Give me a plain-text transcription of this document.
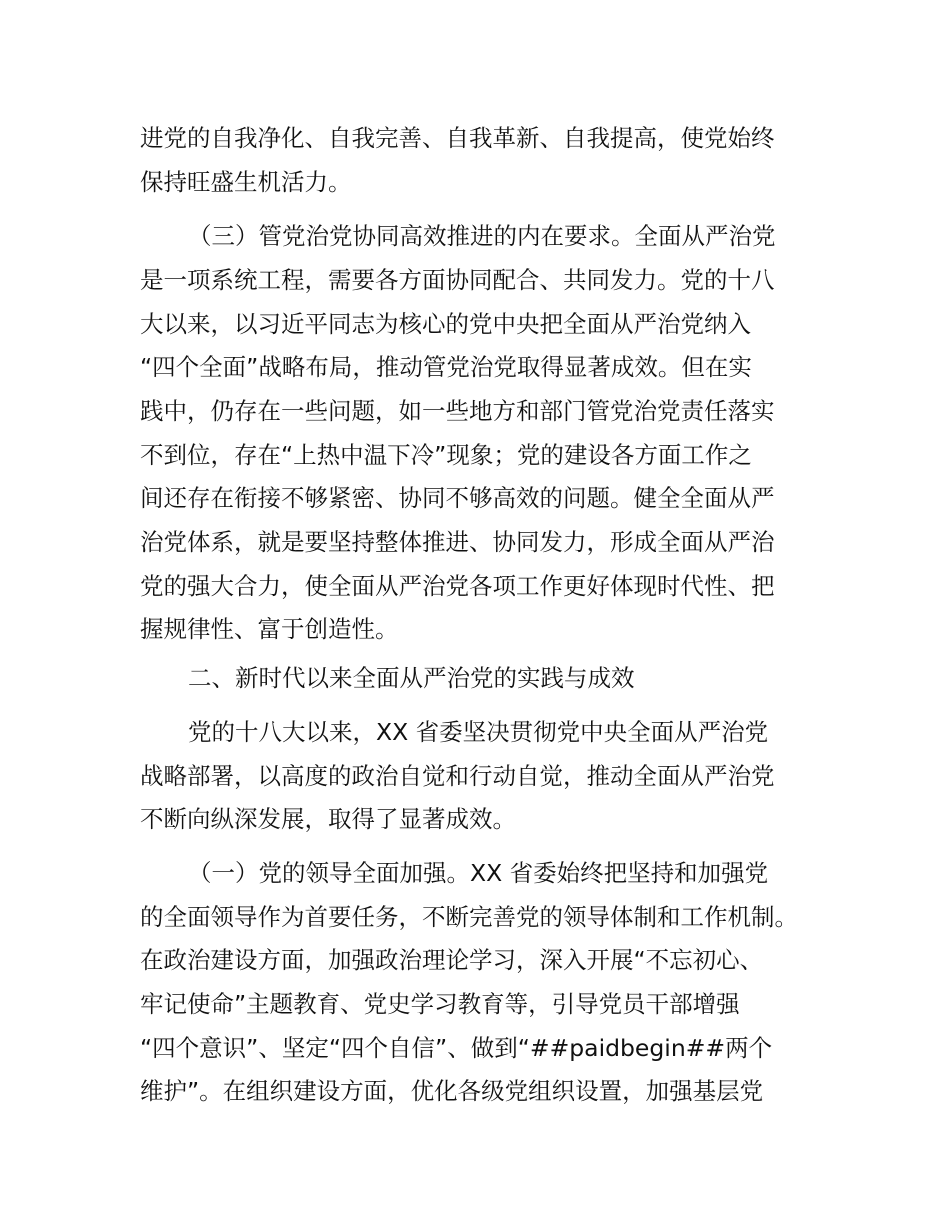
进党的自我净化、自我完善、自我革新、自我提高，使党始终

保持旺盛生机活力。

（三）管党治党协同高效推进的内在要求。全面从严治党

是一项系统工程，需要各方面协同配合、共同发力。党的十八

大以来，以习近平同志为核心的党中央把全面从严治党纳入

“四个全面”战略布局，推动管党治党取得显著成效。但在实

践中，仍存在一些问题，如一些地方和部门管党治党责任落实

不到位，存在“上热中温下冷”现象；党的建设各方面工作之

间还存在衔接不够紧密、协同不够高效的问题。健全全面从严

治党体系，就是要坚持整体推进、协同发力，形成全面从严治

党的强大合力，使全面从严治党各项工作更好体现时代性、把

握规律性、富于创造性。

二、新时代以来全面从严治党的实践与成效

党的十八大以来，XX 省委坚决贯彻党中央全面从严治党

战略部署，以高度的政治自觉和行动自觉，推动全面从严治党

不断向纵深发展，取得了显著成效。

（一）党的领导全面加强。XX 省委始终把坚持和加强党

的全面领导作为首要任务，不断完善党的领导体制和工作机制。

在政治建设方面，加强政治理论学习，深入开展“不忘初心、

牢记使命”主题教育、党史学习教育等，引导党员干部增强

“四个意识”、坚定“四个自信”、做到“##paidbegin##两个

维护”。在组织建设方面，优化各级党组织设置，加强基层党
